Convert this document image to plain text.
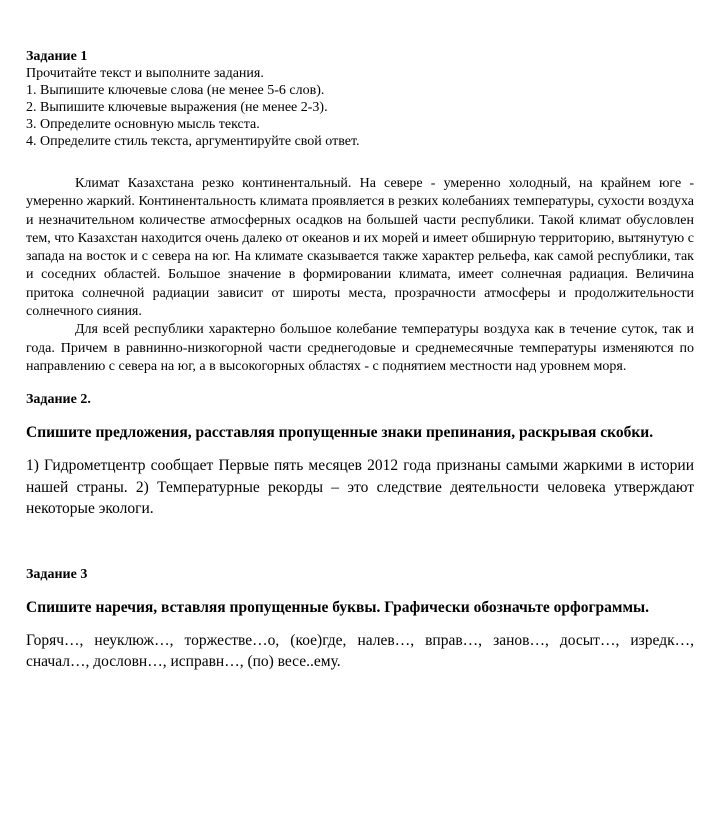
Задание 1

Прочитайте текст и выполните задания.

1. Выпишите ключевые слова (не менее 5-6 слов).

2. Выпишите ключевые выражения (не менее 2-3).

3. Определите основную мысль текста.

4. Определите стиль текста, аргументируйте свой ответ.

Климат Казахстана резко континентальный. На севере - умеренно холодный, на крайнем юге - умеренно жаркий. Континентальность климата проявляется в резких колебаниях температуры, сухости воздуха и незначительном количестве атмосферных осадков на большей части республики. Такой климат обусловлен тем, что Казахстан находится очень далеко от океанов и их морей и имеет обширную территорию, вытянутую с запада на восток и с севера на юг. На климате сказывается также характер рельефа, как самой республики, так и соседних областей. Большое значение в формировании климата, имеет солнечная радиация. Величина притока солнечной радиации зависит от широты места, прозрачности атмосферы и продолжительности солнечного сияния.

Для всей республики характерно большое колебание температуры воздуха как в течение суток, так и года. Причем в равнинно-низкогорной части среднегодовые и среднемесячные температуры изменяются по направлению с севера на юг, а в высокогорных областях - с поднятием местности над уровнем моря.

Задание 2.

Спишите предложения, расставляя пропущенные знаки препинания, раскрывая скобки.

1) Гидрометцентр сообщает Первые пять месяцев 2012 года признаны самыми жаркими в истории нашей страны. 2) Температурные рекорды – это следствие деятельности человека утверждают некоторые экологи.

Задание 3

Спишите наречия, вставляя пропущенные буквы. Графически обозначьте орфограммы.

Горяч…, неуклюж…, торжестве…о, (кое)где, налев…, вправ…, занов…, досыт…, изредк…, сначал…, дословн…, исправн…, (по) весе..ему.
